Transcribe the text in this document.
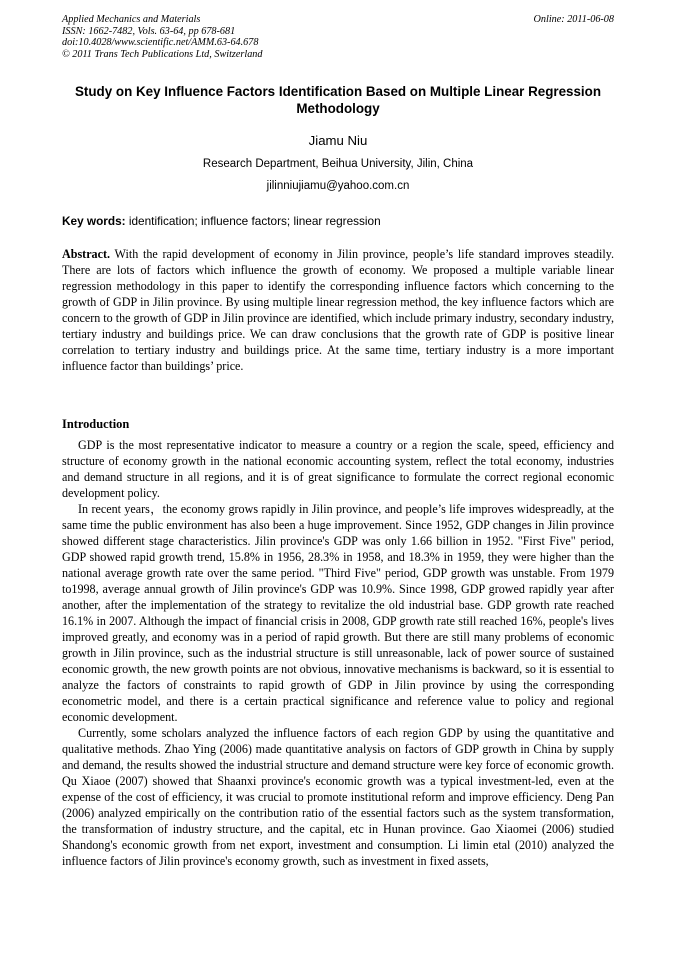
Applied Mechanics and Materials
ISSN: 1662-7482, Vols. 63-64, pp 678-681
doi:10.4028/www.scientific.net/AMM.63-64.678
© 2011 Trans Tech Publications Ltd, Switzerland
Online: 2011-06-08
Study on Key Influence Factors Identification Based on Multiple Linear Regression Methodology
Jiamu Niu
Research Department, Beihua University, Jilin, China
jilinniujiamu@yahoo.com.cn
Key words: identification; influence factors; linear regression
Abstract. With the rapid development of economy in Jilin province, people’s life standard improves steadily. There are lots of factors which influence the growth of economy. We proposed a multiple variable linear regression methodology in this paper to identify the corresponding influence factors which concerning to the growth of GDP in Jilin province. By using multiple linear regression method, the key influence factors which are concern to the growth of GDP in Jilin province are identified, which include primary industry, secondary industry, tertiary industry and buildings price. We can draw conclusions that the growth rate of GDP is positive linear correlation to tertiary industry and buildings price. At the same time, tertiary industry is a more important influence factor than buildings’ price.
Introduction

GDP is the most representative indicator to measure a country or a region the scale, speed, efficiency and structure of economy growth in the national economic accounting system, reflect the total economy, industries and demand structure in all regions, and it is of great significance to formulate the correct regional economic development policy.

In recent years，the economy grows rapidly in Jilin province, and people’s life improves widespreadly, at the same time the public environment has also been a huge improvement. Since 1952, GDP changes in Jilin province showed different stage characteristics. Jilin province's GDP was only 1.66 billion in 1952. "First Five" period, GDP showed rapid growth trend, 15.8% in 1956, 28.3% in 1958, and 18.3% in 1959, they were higher than the national average growth rate over the same period. "Third Five" period, GDP growth was unstable. From 1979 to1998, average annual growth of Jilin province's GDP was 10.9%. Since 1998, GDP growed rapidly year after another, after the implementation of the strategy to revitalize the old industrial base. GDP growth rate reached 16.1% in 2007. Although the impact of financial crisis in 2008, GDP growth rate still reached 16%, people's lives improved greatly, and economy was in a period of rapid growth. But there are still many problems of economic growth in Jilin province, such as the industrial structure is still unreasonable, lack of power source of sustained economic growth, the new growth points are not obvious, innovative mechanisms is backward, so it is essential to analyze the factors of constraints to rapid growth of GDP in Jilin province by using the corresponding econometric model, and there is a certain practical significance and reference value to policy and regional economic development.

Currently, some scholars analyzed the influence factors of each region GDP by using the quantitative and qualitative methods. Zhao Ying (2006) made quantitative analysis on factors of GDP growth in China by supply and demand, the results showed the industrial structure and demand structure were key force of economic growth. Qu Xiaoe (2007) showed that Shaanxi province's economic growth was a typical investment-led, even at the expense of the cost of efficiency, it was crucial to promote institutional reform and improve efficiency. Deng Pan (2006) analyzed empirically on the contribution ratio of the essential factors such as the system transformation, the transformation of industry structure, and the capital, etc in Hunan province. Gao Xiaomei (2006) studied Shandong's economic growth from net export, investment and consumption. Li limin etal (2010) analyzed the influence factors of Jilin province's economy growth, such as investment in fixed assets,
